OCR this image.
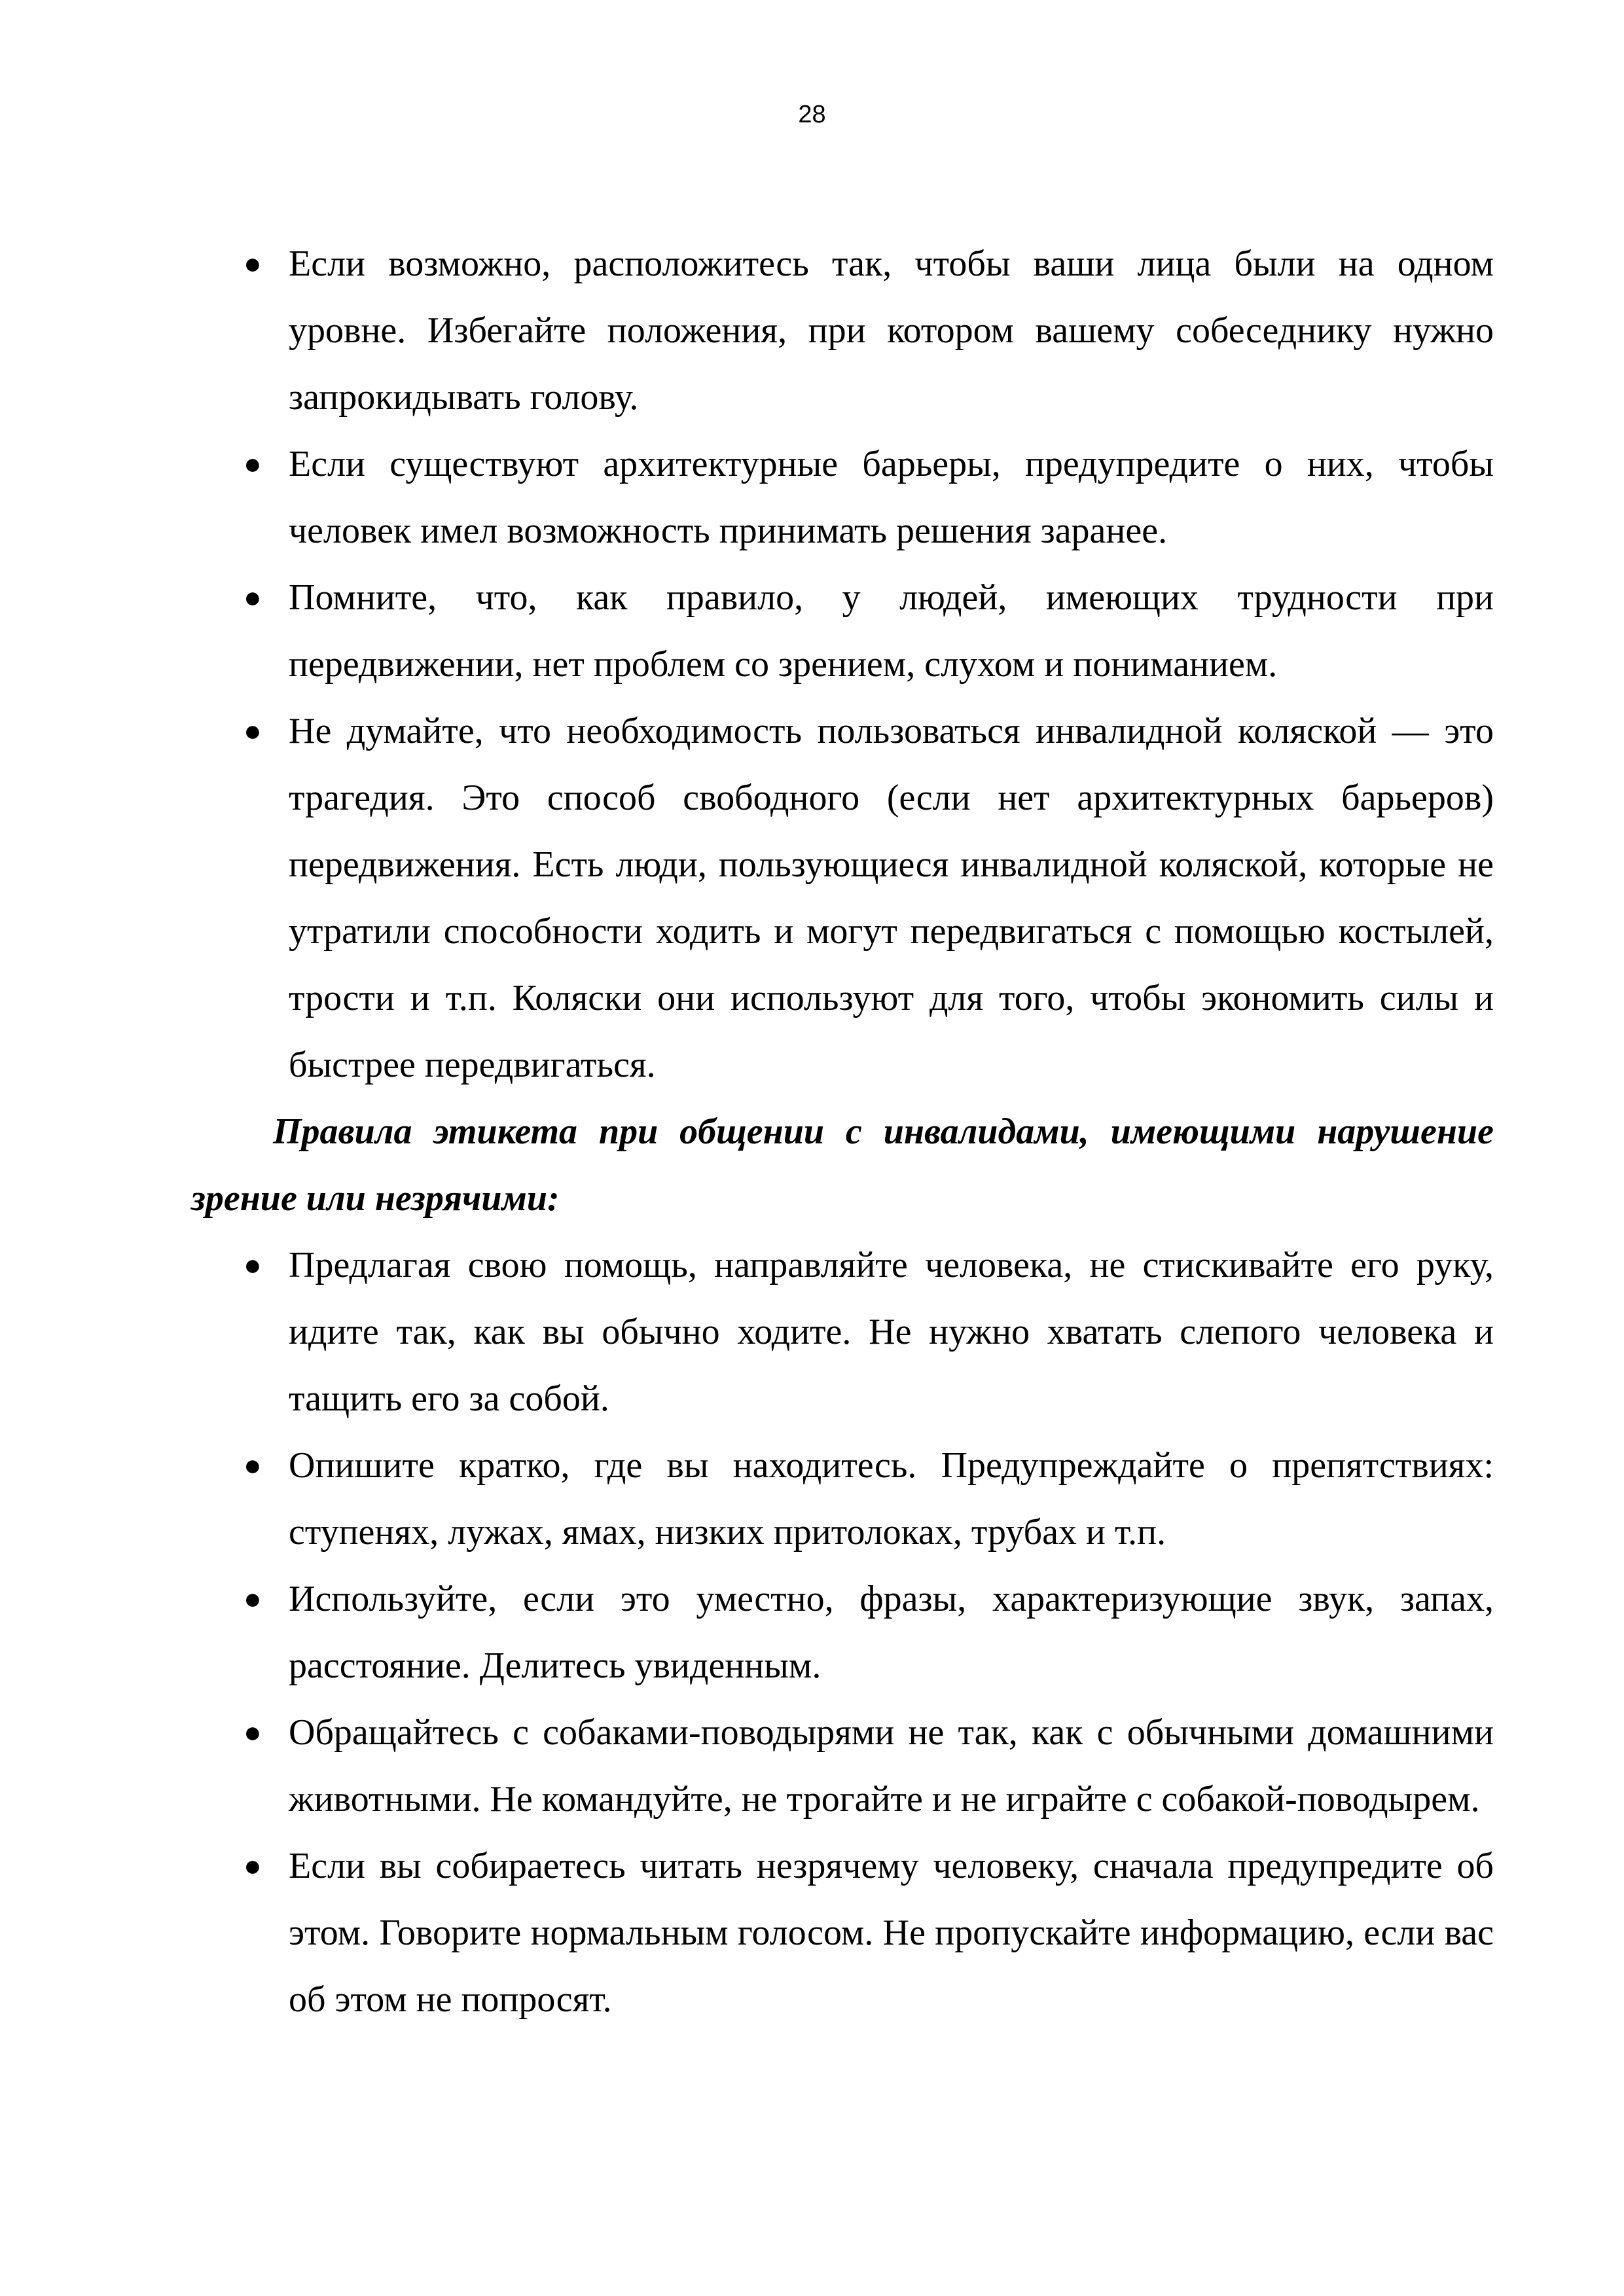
28
● Если возможно, расположитесь так, чтобы ваши лица были на одном уровне. Избегайте положения, при котором вашему собеседнику нужно запрокидывать голову.
● Если существуют архитектурные барьеры, предупредите о них, чтобы человек имел возможность принимать решения заранее.
● Помните, что, как правило, у людей, имеющих трудности при передвижении, нет проблем со зрением, слухом и пониманием.
● Не думайте, что необходимость пользоваться инвалидной коляской — это трагедия. Это способ свободного (если нет архитектурных барьеров) передвижения. Есть люди, пользующиеся инвалидной коляской, которые не утратили способности ходить и могут передвигаться с помощью костылей, трости и т.п. Коляски они используют для того, чтобы экономить силы и быстрее передвигаться.

Правила этикета при общении с инвалидами, имеющими нарушение зрение или незрячими:

● Предлагая свою помощь, направляйте человека, не стискивайте его руку, идите так, как вы обычно ходите. Не нужно хватать слепого человека и тащить его за собой.
● Опишите кратко, где вы находитесь. Предупреждайте о препятствиях: ступенях, лужах, ямах, низких притолоках, трубах и т.п.
● Используйте, если это уместно, фразы, характеризующие звук, запах, расстояние. Делитесь увиденным.
● Обращайтесь с собаками-поводырями не так, как с обычными домашними животными. Не командуйте, не трогайте и не играйте с собакой-поводырем.
● Если вы собираетесь читать незрячему человеку, сначала предупредите об этом. Говорите нормальным голосом. Не пропускайте информацию, если вас об этом не попросят.
